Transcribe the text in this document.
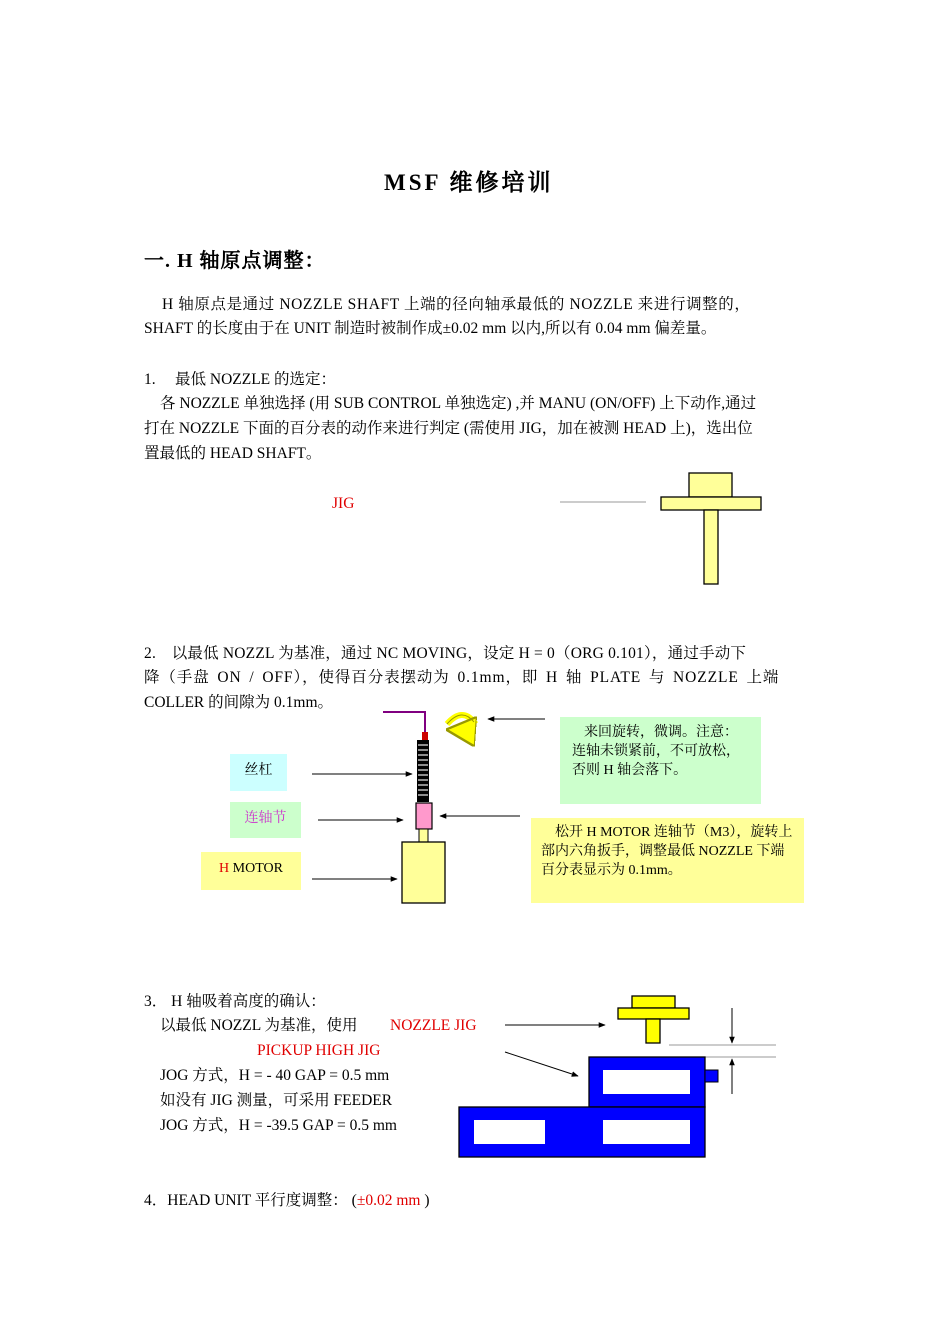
MSF 维修培训
一. H 轴原点调整：
H 轴原点是通过 NOZZLE SHAFT 上端的径向轴承最低的 NOZZLE 来进行调整的，
SHAFT 的长度由于在 UNIT 制造时被制作成±0.02 mm 以内,所以有 0.04 mm 偏差量。
1.　 最低 NOZZLE 的选定：
各 NOZZLE 单独选择 (用 SUB CONTROL 单独选定) ,并 MANU (ON/OFF) 上下动作,通过
打在 NOZZLE 下面的百分表的动作来进行判定 (需使用 JIG，加在被测 HEAD 上)，选出位
置最低的 HEAD SHAFT。
JIG
2.　以最低 NOZZL 为基准，通过 NC MOVING，设定 H = 0（ORG 0.101），通过手动下
降（手盘 ON / OFF），使得百分表摆动为 0.1mm，即 H 轴 PLATE 与 NOZZLE 上端
COLLER 的间隙为 0.1mm。
丝杠
连轴节
H MOTOR
来回旋转，微调。注意：连轴未锁紧前，不可放松，否则 H 轴会落下。
松开 H MOTOR 连轴节（M3），旋转上部内六角扳手，调整最低 NOZZLE 下端百分表显示为 0.1mm。
3． H 轴吸着高度的确认：
以最低 NOZZL 为基准，使用 NOZZLE JIG
PICKUP HIGH JIG
JOG 方式，H = - 40 GAP = 0.5 mm
如没有 JIG 测量，可采用 FEEDER
JOG 方式，H = -39.5 GAP = 0.5 mm
4．HEAD UNIT 平行度调整： (±0.02 mm )
